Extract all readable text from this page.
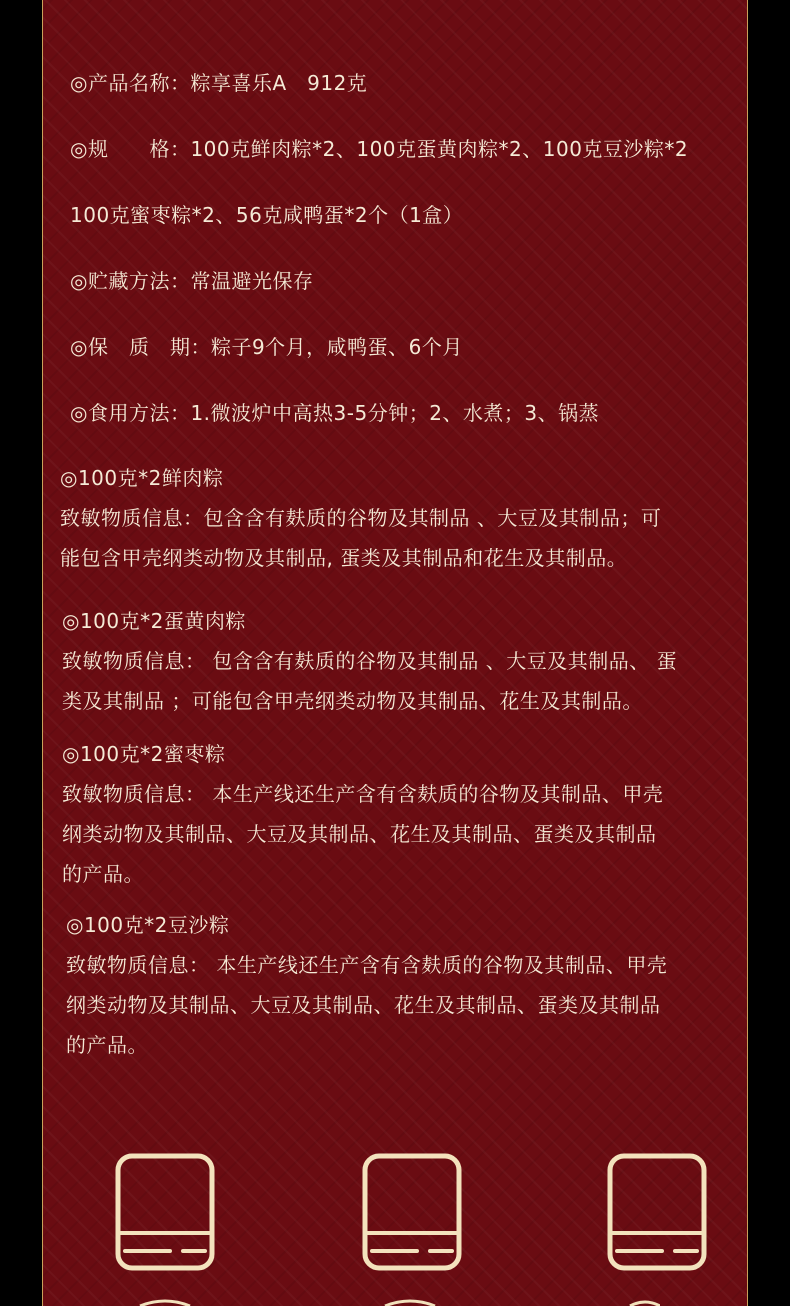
◎产品名称：粽享喜乐A　912克
◎规　　格：100克鲜肉粽*2、100克蛋黄肉粽*2、100克豆沙粽*2
100克蜜枣粽*2、56克咸鸭蛋*2个（1盒）
◎贮藏方法：常温避光保存
◎保　质　期：粽子9个月，咸鸭蛋、6个月
◎食用方法：1.微波炉中高热3-5分钟；2、水煮；3、锅蒸
◎100克*2鲜肉粽
致敏物质信息：包含含有麸质的谷物及其制品 、大豆及其制品；可
能包含甲壳纲类动物及其制品, 蛋类及其制品和花生及其制品。
◎100克*2蛋黄肉粽
致敏物质信息： 包含含有麸质的谷物及其制品 、大豆及其制品、 蛋
类及其制品 ；可能包含甲壳纲类动物及其制品、花生及其制品。
◎100克*2蜜枣粽
致敏物质信息： 本生产线还生产含有含麸质的谷物及其制品、甲壳
纲类动物及其制品、大豆及其制品、花生及其制品、蛋类及其制品
的产品。
◎100克*2豆沙粽
致敏物质信息： 本生产线还生产含有含麸质的谷物及其制品、甲壳
纲类动物及其制品、大豆及其制品、花生及其制品、蛋类及其制品
的产品。
